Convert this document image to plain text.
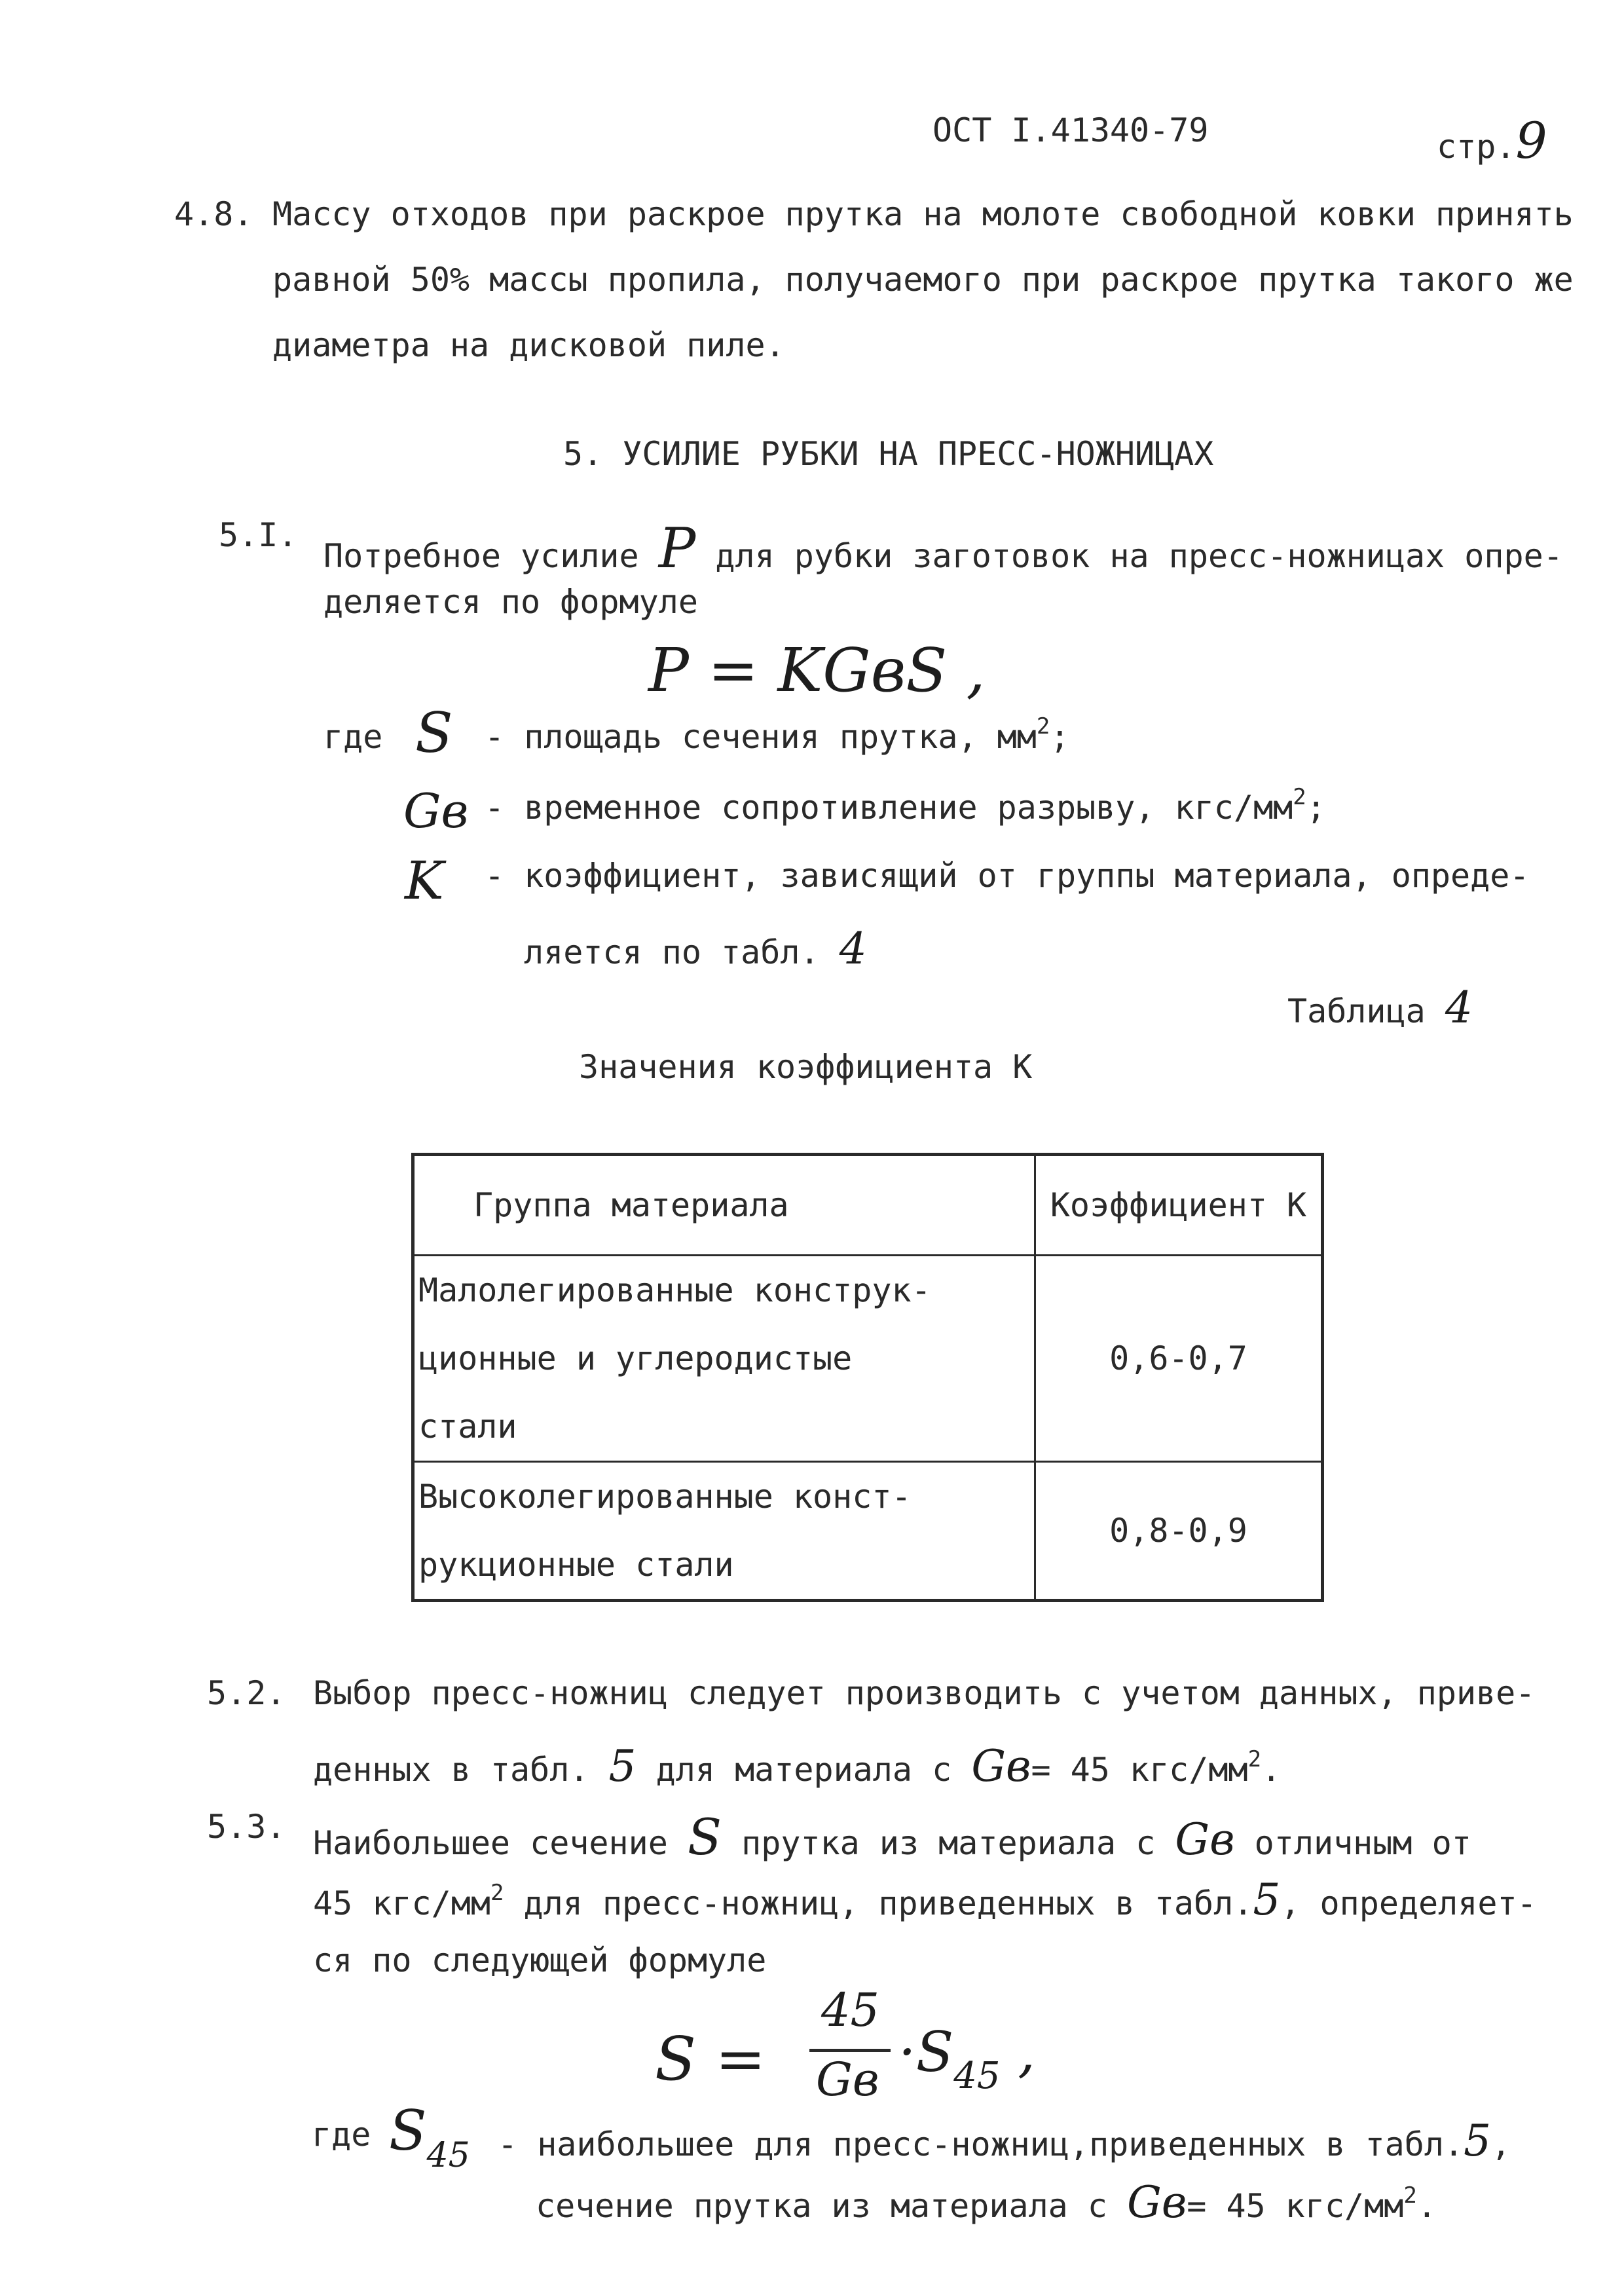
ОСТ I.41340-79	стр.9
4.8. Массу отходов при раскрое прутка на молоте свободной ковки принять
равной 50% массы пропила, получаемого при раскрое прутка такого же
диаметра на дисковой пиле.
5. УСИЛИЕ РУБКИ НА ПРЕСС-НОЖНИЦАХ
5.I.
Потребное усилие P для рубки заготовок на пресс-ножницах опре-
деляется по формуле
P = KGвS ,
где S - площадь сечения прутка, $мм^2$;
Gв - временное сопротивление разрыву, кгс/$мм^2$;
K - коэффициент, зависящий от группы материала, опреде-
ляется по табл. 4
Таблица 4
Значения коэффициента К
Группа материала	Коэффициент К

Малолегированные конструк-
ционные и углеродистые
стали	0,6-0,7

Высоколегированные конст-
рукционные стали	0,8-0,9
5.2. Выбор пресс-ножниц следует производить с учетом данных, приве-
денных в табл. 5 для материала с Gв= 45 кгс/$мм^2$.
5.3. Наибольшее сечение S прутка из материала с Gв отличным от
45 кгс/$мм^2$ для пресс-ножниц, приведенных в табл.5, определяет-
ся по следующей формуле
S =
45
Gв $\cdot S_{45}$ ,
где $S_{45}$ - наибольшее для пресс-ножниц,приведенных в табл.5,
сечение прутка из материала с Gв= 45 кгс/$мм^2$.
